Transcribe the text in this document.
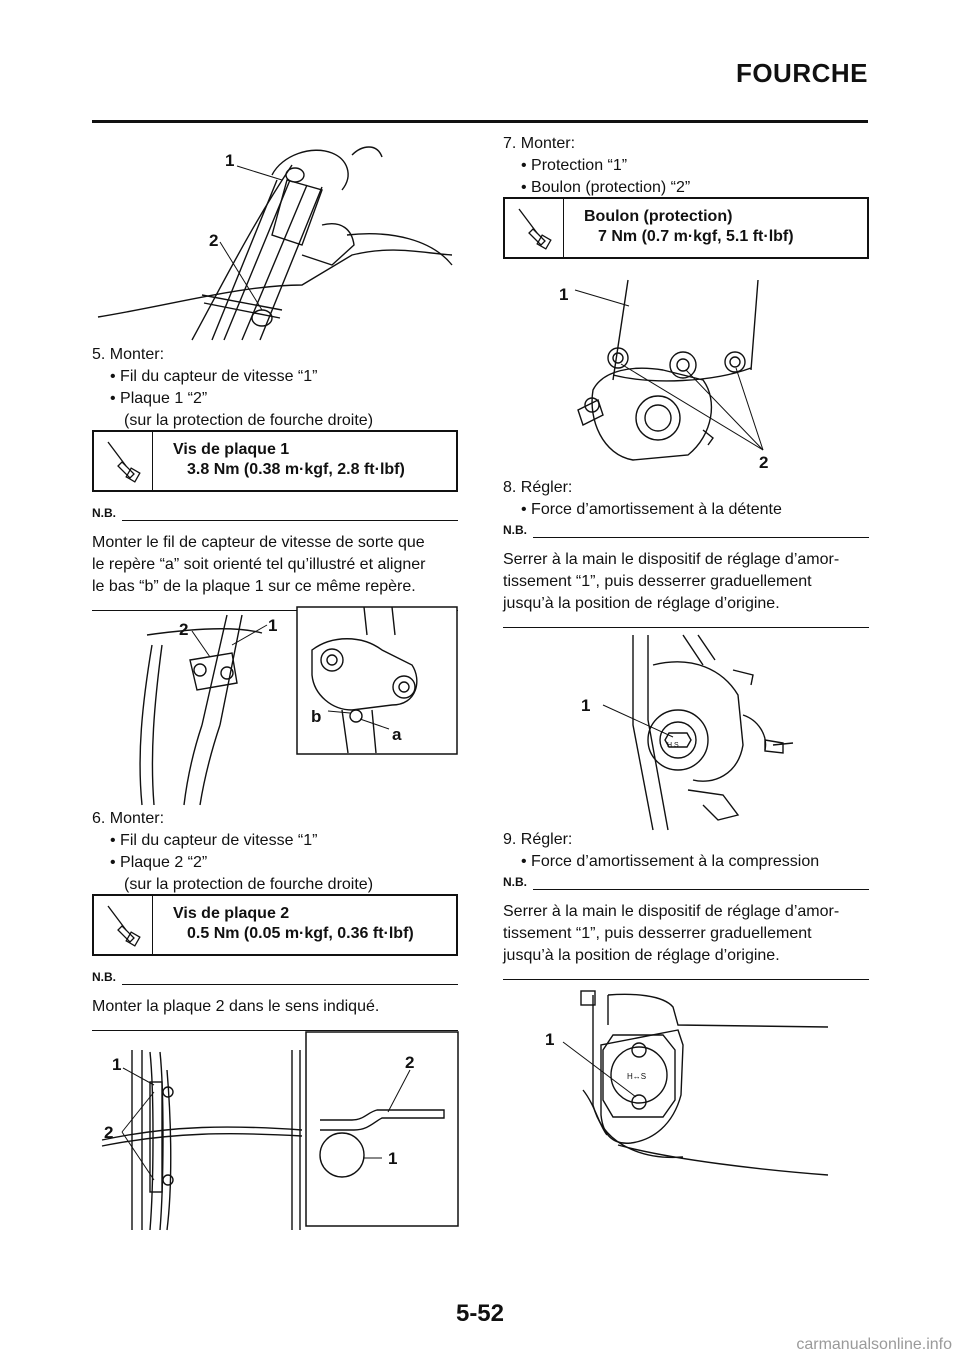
FOURCHE
1
2
5. Monter:
• Fil du capteur de vitesse “1”
• Plaque 1 “2”
(sur la protection de fourche droite)
Vis de plaque 1
3.8 Nm (0.38 m·kgf, 2.8 ft·lbf)
N.B.
Monter le fil de capteur de vitesse de sorte que
le repère “a” soit orienté tel qu’illustré et aligner
le bas “b” de la plaque 1 sur ce même repère.
2	1
b
a
6. Monter:
• Fil du capteur de vitesse “1”
• Plaque 2 “2”
(sur la protection de fourche droite)
Vis de plaque 2
0.5 Nm (0.05 m·kgf, 0.36 ft·lbf)
N.B.
Monter la plaque 2 dans le sens indiqué.
1
2
2
1
7. Monter:
• Protection “1”
• Boulon (protection) “2”
Boulon (protection)
7 Nm (0.7 m·kgf, 5.1 ft·lbf)
1
2
8. Régler:
• Force d’amortissement à la détente
N.B.
Serrer à la main le dispositif de réglage d’amor-
tissement “1”, puis desserrer graduellement
jusqu’à la position de réglage d’origine.
H S
1
9. Régler:
• Force d’amortissement à la compression
N.B.
Serrer à la main le dispositif de réglage d’amor-
tissement “1”, puis desserrer graduellement
jusqu’à la position de réglage d’origine.
H↔S
1
5-52
carmanualsonline.info
